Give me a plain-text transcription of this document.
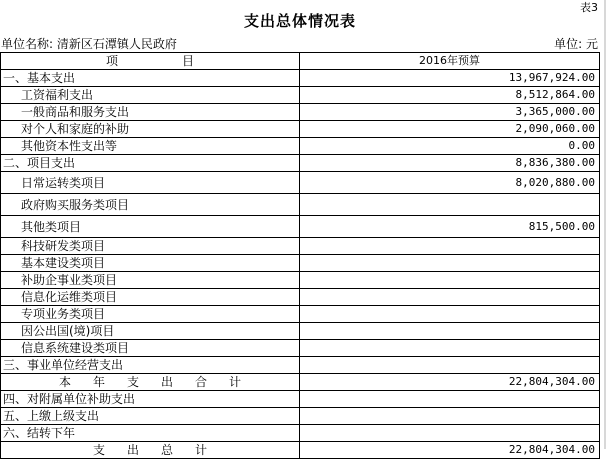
表3
支出总体情况表
单位名称: 清新区石潭镇人民政府	单位: 元
项目	2016年预算
一、基本支出	13,967,924.00
工资福利支出	8,512,864.00
一般商品和服务支出	3,365,000.00
对个人和家庭的补助	2,090,060.00
其他资本性支出等	0.00
二、项目支出	8,836,380.00
日常运转类项目	8,020,880.00
政府购买服务类项目	
其他类项目	815,500.00
科技研发类项目	
基本建设类项目	
补助企事业类项目	
信息化运维类项目	
专项业务类项目	
因公出国(境)项目	
信息系统建设类项目	
三、事业单位经营支出	
本年支出合计	22,804,304.00
四、对附属单位补助支出	
五、上缴上级支出	
六、结转下年	
支出总计	22,804,304.00
